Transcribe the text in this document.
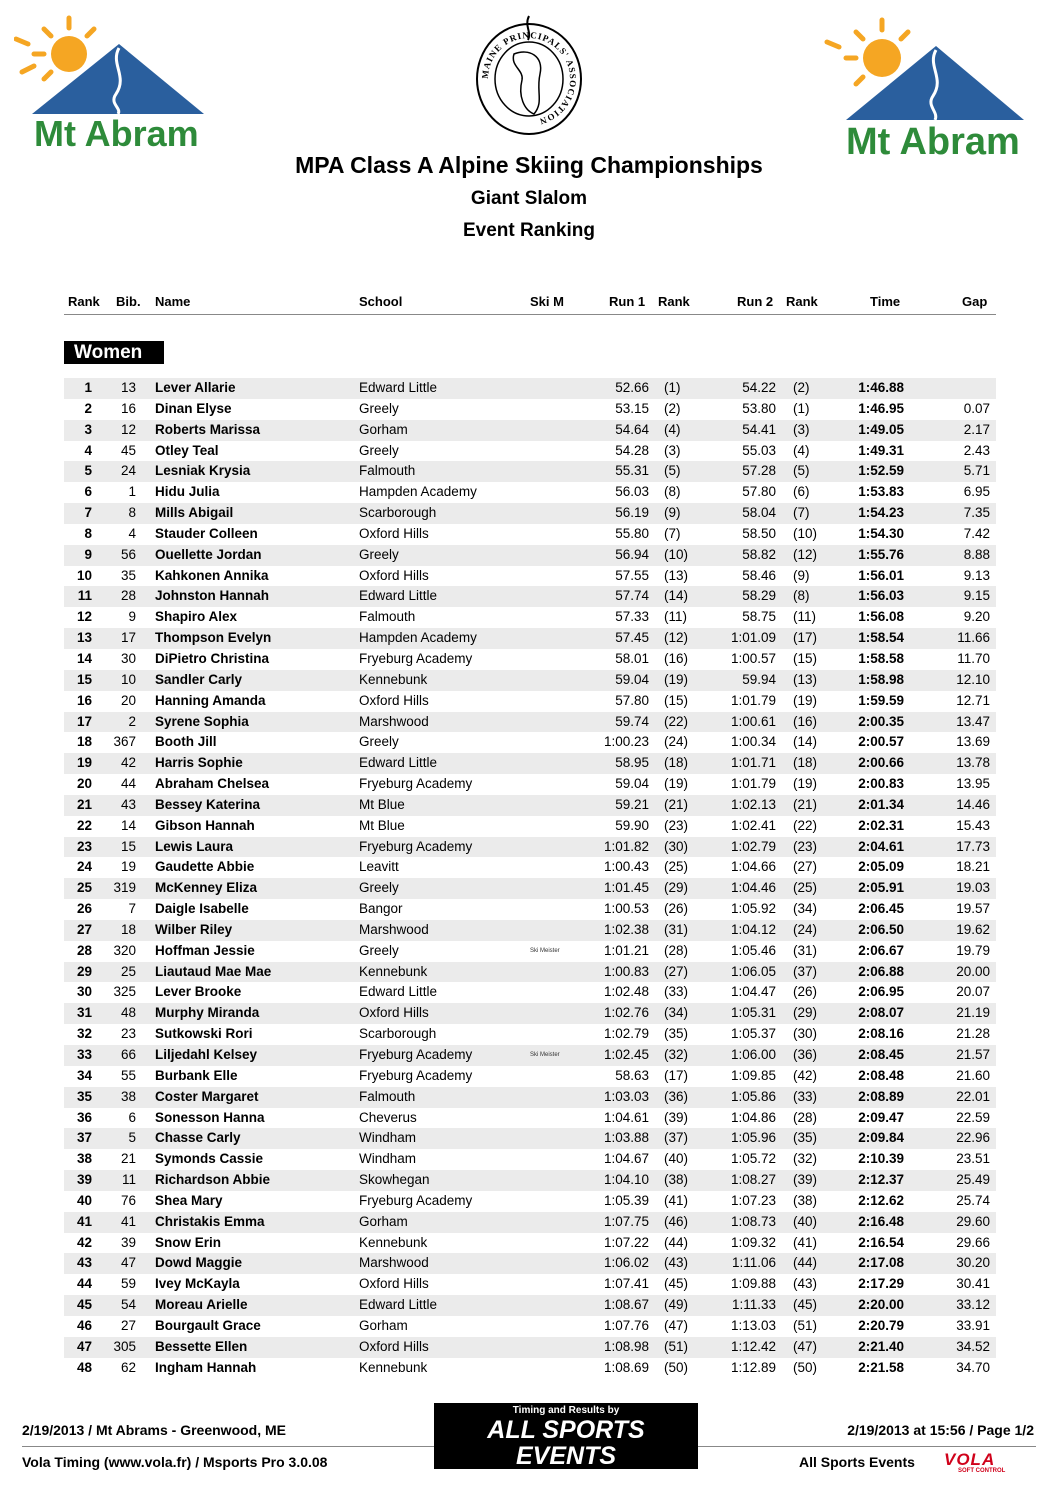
Mt Abram
MAINE PRINCIPALS' ASSOCIATION
Mt Abram
MPA Class A Alpine Skiing Championships
Giant Slalom
Event Ranking
Rank Bib. Name	School	Ski M	Run 1 Rank	Run 2 Rank	Time	Gap
Women
1	13 Lever Allarie	Edward Little	52.66 (1)	54.22 (2)	1:46.88
2	16 Dinan Elyse	Greely	53.15 (2)	53.80 (1)	1:46.95	0.07
3	12 Roberts Marissa	Gorham	54.64 (4)	54.41 (3)	1:49.05	2.17
4	45 Otley Teal	Greely	54.28 (3)	55.03 (4)	1:49.31	2.43
5	24 Lesniak Krysia	Falmouth	55.31 (5)	57.28 (5)	1:52.59	5.71
6	1 Hidu Julia	Hampden Academy	56.03 (8)	57.80 (6)	1:53.83	6.95
7	8 Mills Abigail	Scarborough	56.19 (9)	58.04 (7)	1:54.23	7.35
8	4 Stauder Colleen	Oxford Hills	55.80 (7)	58.50 (10)	1:54.30	7.42
9	56 Ouellette Jordan	Greely	56.94 (10)	58.82 (12)	1:55.76	8.88
10	35 Kahkonen Annika	Oxford Hills	57.55 (13)	58.46 (9)	1:56.01	9.13
11	28 Johnston Hannah	Edward Little	57.74 (14)	58.29 (8)	1:56.03	9.15
12	9 Shapiro Alex	Falmouth	57.33 (11)	58.75 (11)	1:56.08	9.20
13	17 Thompson Evelyn	Hampden Academy	57.45 (12)	1:01.09 (17)	1:58.54	11.66
14	30 DiPietro Christina	Fryeburg Academy	58.01 (16)	1:00.57 (15)	1:58.58	11.70
15	10 Sandler Carly	Kennebunk	59.04 (19)	59.94 (13)	1:58.98	12.10
16	20 Hanning Amanda	Oxford Hills	57.80 (15)	1:01.79 (19)	1:59.59	12.71
17	2 Syrene Sophia	Marshwood	59.74 (22)	1:00.61 (16)	2:00.35	13.47
18	367 Booth Jill	Greely	1:00.23 (24)	1:00.34 (14)	2:00.57	13.69
19	42 Harris Sophie	Edward Little	58.95 (18)	1:01.71 (18)	2:00.66	13.78
20	44 Abraham Chelsea	Fryeburg Academy	59.04 (19)	1:01.79 (19)	2:00.83	13.95
21	43 Bessey Katerina	Mt Blue	59.21 (21)	1:02.13 (21)	2:01.34	14.46
22	14 Gibson Hannah	Mt Blue	59.90 (23)	1:02.41 (22)	2:02.31	15.43
23	15 Lewis Laura	Fryeburg Academy	1:01.82 (30)	1:02.79 (23)	2:04.61	17.73
24	19 Gaudette Abbie	Leavitt	1:00.43 (25)	1:04.66 (27)	2:05.09	18.21
25	319 McKenney Eliza	Greely	1:01.45 (29)	1:04.46 (25)	2:05.91	19.03
26	7 Daigle Isabelle	Bangor	1:00.53 (26)	1:05.92 (34)	2:06.45	19.57
27	18 Wilber Riley	Marshwood	1:02.38 (31)	1:04.12 (24)	2:06.50	19.62
28	320 Hoffman Jessie	Greely	Ski Meister	1:01.21 (28)	1:05.46 (31)	2:06.67	19.79
29	25 Liautaud Mae Mae	Kennebunk	1:00.83 (27)	1:06.05 (37)	2:06.88	20.00
30	325 Lever Brooke	Edward Little	1:02.48 (33)	1:04.47 (26)	2:06.95	20.07
31	48 Murphy Miranda	Oxford Hills	1:02.76 (34)	1:05.31 (29)	2:08.07	21.19
32	23 Sutkowski Rori	Scarborough	1:02.79 (35)	1:05.37 (30)	2:08.16	21.28
33	66 Liljedahl Kelsey	Fryeburg Academy	Ski Meister	1:02.45 (32)	1:06.00 (36)	2:08.45	21.57
34	55 Burbank Elle	Fryeburg Academy	58.63 (17)	1:09.85 (42)	2:08.48	21.60
35	38 Coster Margaret	Falmouth	1:03.03 (36)	1:05.86 (33)	2:08.89	22.01
36	6 Sonesson Hanna	Cheverus	1:04.61 (39)	1:04.86 (28)	2:09.47	22.59
37	5 Chasse Carly	Windham	1:03.88 (37)	1:05.96 (35)	2:09.84	22.96
38	21 Symonds Cassie	Windham	1:04.67 (40)	1:05.72 (32)	2:10.39	23.51
39	11 Richardson Abbie	Skowhegan	1:04.10 (38)	1:08.27 (39)	2:12.37	25.49
40	76 Shea Mary	Fryeburg Academy	1:05.39 (41)	1:07.23 (38)	2:12.62	25.74
41	41 Christakis Emma	Gorham	1:07.75 (46)	1:08.73 (40)	2:16.48	29.60
42	39 Snow Erin	Kennebunk	1:07.22 (44)	1:09.32 (41)	2:16.54	29.66
43	47 Dowd Maggie	Marshwood	1:06.02 (43)	1:11.06 (44)	2:17.08	30.20
44	59 Ivey McKayla	Oxford Hills	1:07.41 (45)	1:09.88 (43)	2:17.29	30.41
45	54 Moreau Arielle	Edward Little	1:08.67 (49)	1:11.33 (45)	2:20.00	33.12
46	27 Bourgault Grace	Gorham	1:07.76 (47)	1:13.03 (51)	2:20.79	33.91
47	305 Bessette Ellen	Oxford Hills	1:08.98 (51)	1:12.42 (47)	2:21.40	34.52
48	62 Ingham Hannah	Kennebunk	1:08.69 (50)	1:12.89 (50)	2:21.58	34.70
2/19/2013 / Mt Abrams - Greenwood, ME
Vola Timing (www.vola.fr) / Msports Pro 3.0.08
2/19/2013 at 15:56 / Page 1/2
All Sports Events
Timing and Results by
ALL SPORTS EVENTS
TIMING AND EVENT SERVICES
www.allsportsevents.com
VOLA
SOFT CONTROL
